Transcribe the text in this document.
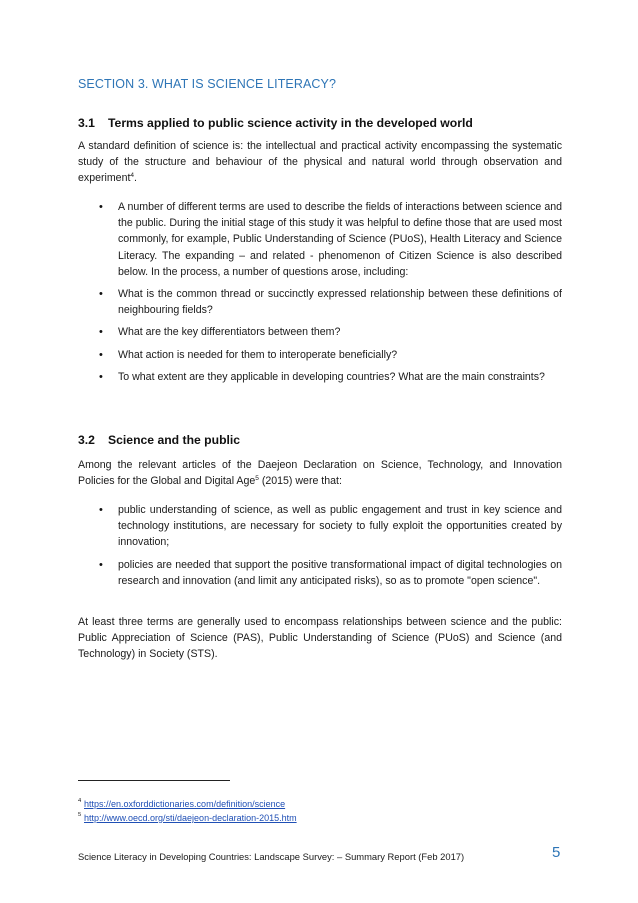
SECTION 3. WHAT IS SCIENCE LITERACY?
3.1 Terms applied to public science activity in the developed world
A standard definition of science is: the intellectual and practical activity encompassing the systematic study of the structure and behaviour of the physical and natural world through observation and experiment$^4$.
• A number of different terms are used to describe the fields of interactions between science and the public. During the initial stage of this study it was helpful to define those that are used most commonly, for example, Public Understanding of Science (PUoS), Health Literacy and Science Literacy. The expanding – and related - phenomenon of Citizen Science is also described below. In the process, a number of questions arose, including:
• What is the common thread or succinctly expressed relationship between these definitions of neighbouring fields?
• What are the key differentiators between them?
• What action is needed for them to interoperate beneficially?
• To what extent are they applicable in developing countries? What are the main constraints?
3.2 Science and the public
Among the relevant articles of the Daejeon Declaration on Science, Technology, and Innovation Policies for the Global and Digital Age$^5$ (2015) were that:
• public understanding of science, as well as public engagement and trust in key science and technology institutions, are necessary for society to fully exploit the opportunities created by innovation;
• policies are needed that support the positive transformational impact of digital technologies on research and innovation (and limit any anticipated risks), so as to promote "open science".
At least three terms are generally used to encompass relationships between science and the public: Public Appreciation of Science (PAS), Public Understanding of Science (PUoS) and Science (and Technology) in Society (STS).
4 https://en.oxforddictionaries.com/definition/science
5 http://www.oecd.org/sti/daejeon-declaration-2015.htm
Science Literacy in Developing Countries: Landscape Survey: – Summary Report (Feb 2017)	5
